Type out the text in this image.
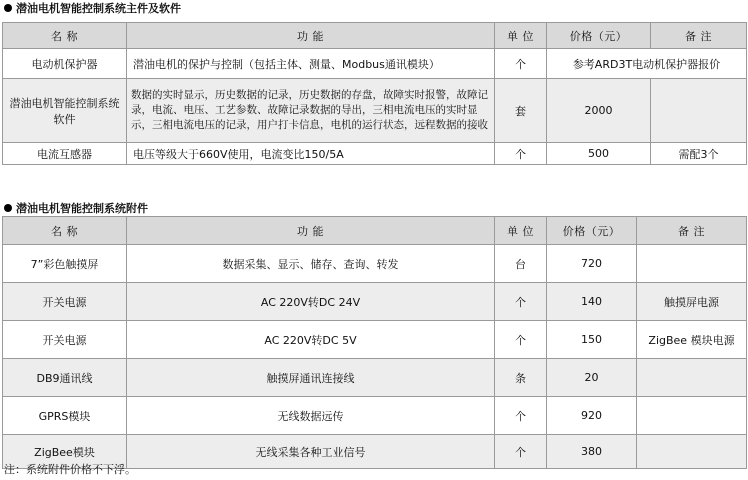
潜油电机智能控制系统主件及软件
名 称	功 能	单 位	价格（元）	备 注
电动机保护器	潜油电机的保护与控制（包括主体、测量、Modbus通讯模块）	个	参考ARD3T电动机保护器报价	
潜油电机智能控制系统软件	数据的实时显示，历史数据的记录，历史数据的存盘，故障实时报警，故障记录，电流、电压、工艺参数、故障记录数据的导出，三相电流电压的实时显示，三相电流电压的记录，用户打卡信息，电机的运行状态，远程数据的接收	套	2000	
电流互感器	电压等级大于660V使用，电流变比150/5A	个	500	需配3个
潜油电机智能控制系统附件
名 称	功 能	单 位	价格（元）	备 注
7”彩色触摸屏	数据采集、显示、储存、查询、转发	台	720	
开关电源	AC 220V转DC 24V	个	140	触摸屏电源
开关电源	AC 220V转DC 5V	个	150	ZigBee 模块电源
DB9通讯线	触摸屏通讯连接线	条	20	
GPRS模块	无线数据远传	个	920	
ZigBee模块	无线采集各种工业信号	个	380	
注：系统附件价格不下浮。
